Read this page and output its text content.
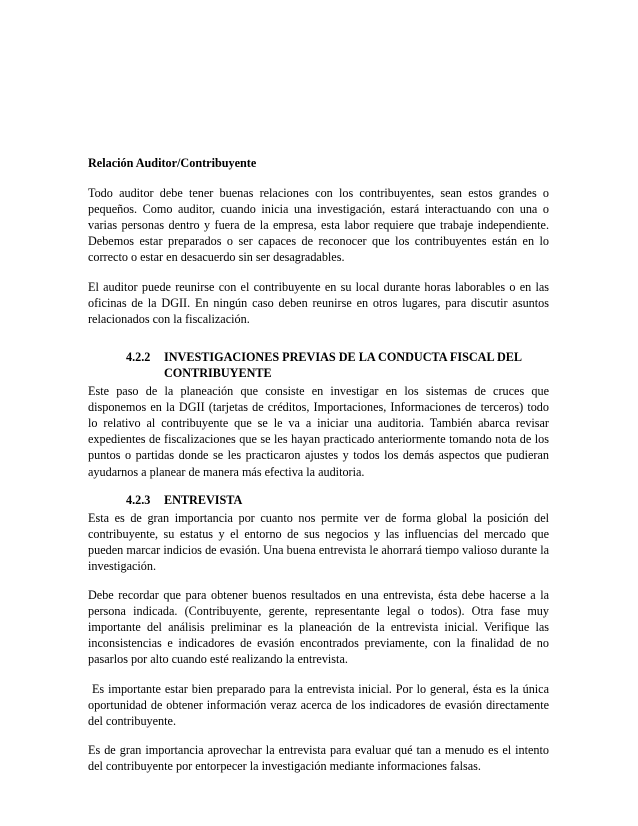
Relación Auditor/Contribuyente

Todo auditor debe tener buenas relaciones con los contribuyentes, sean estos grandes o pequeños. Como auditor, cuando inicia una investigación, estará interactuando con una o varias personas dentro y fuera de la empresa, esta labor requiere que trabaje independiente. Debemos estar preparados o ser capaces de reconocer que los contribuyentes están en lo correcto o estar en desacuerdo sin ser desagradables.

El auditor puede reunirse con el contribuyente en su local durante horas laborables o en las oficinas de la DGII. En ningún caso deben reunirse en otros lugares, para discutir asuntos relacionados con la fiscalización.

4.2.2	INVESTIGACIONES PREVIAS DE LA CONDUCTA FISCAL DEL CONTRIBUYENTE

Este paso de la planeación que consiste en investigar en los sistemas de cruces que disponemos en la DGII (tarjetas de créditos, Importaciones, Informaciones de terceros) todo lo relativo al contribuyente que se le va a iniciar una auditoria. También abarca revisar expedientes de fiscalizaciones que se les hayan practicado anteriormente tomando nota de los puntos o partidas donde se les practicaron ajustes y todos los demás aspectos que pudieran ayudarnos a planear de manera más efectiva la auditoria.

4.2.3	ENTREVISTA

Esta es de gran importancia por cuanto nos permite ver de forma global la posición del contribuyente, su estatus y el entorno de sus negocios y las influencias del mercado que pueden marcar indicios de evasión. Una buena entrevista le ahorrará tiempo valioso durante la investigación.

Debe recordar que para obtener buenos resultados en una entrevista, ésta debe hacerse a la persona indicada. (Contribuyente, gerente, representante legal o todos). Otra fase muy importante del análisis preliminar es la planeación de la entrevista inicial. Verifique las inconsistencias e indicadores de evasión encontrados previamente, con la finalidad de no pasarlos por alto cuando esté realizando la entrevista.

Es importante estar bien preparado para la entrevista inicial. Por lo general, ésta es la única oportunidad de obtener información veraz acerca de los indicadores de evasión directamente del contribuyente.

Es de gran importancia aprovechar la entrevista para evaluar qué tan a menudo es el intento del contribuyente por entorpecer la investigación mediante informaciones falsas.
